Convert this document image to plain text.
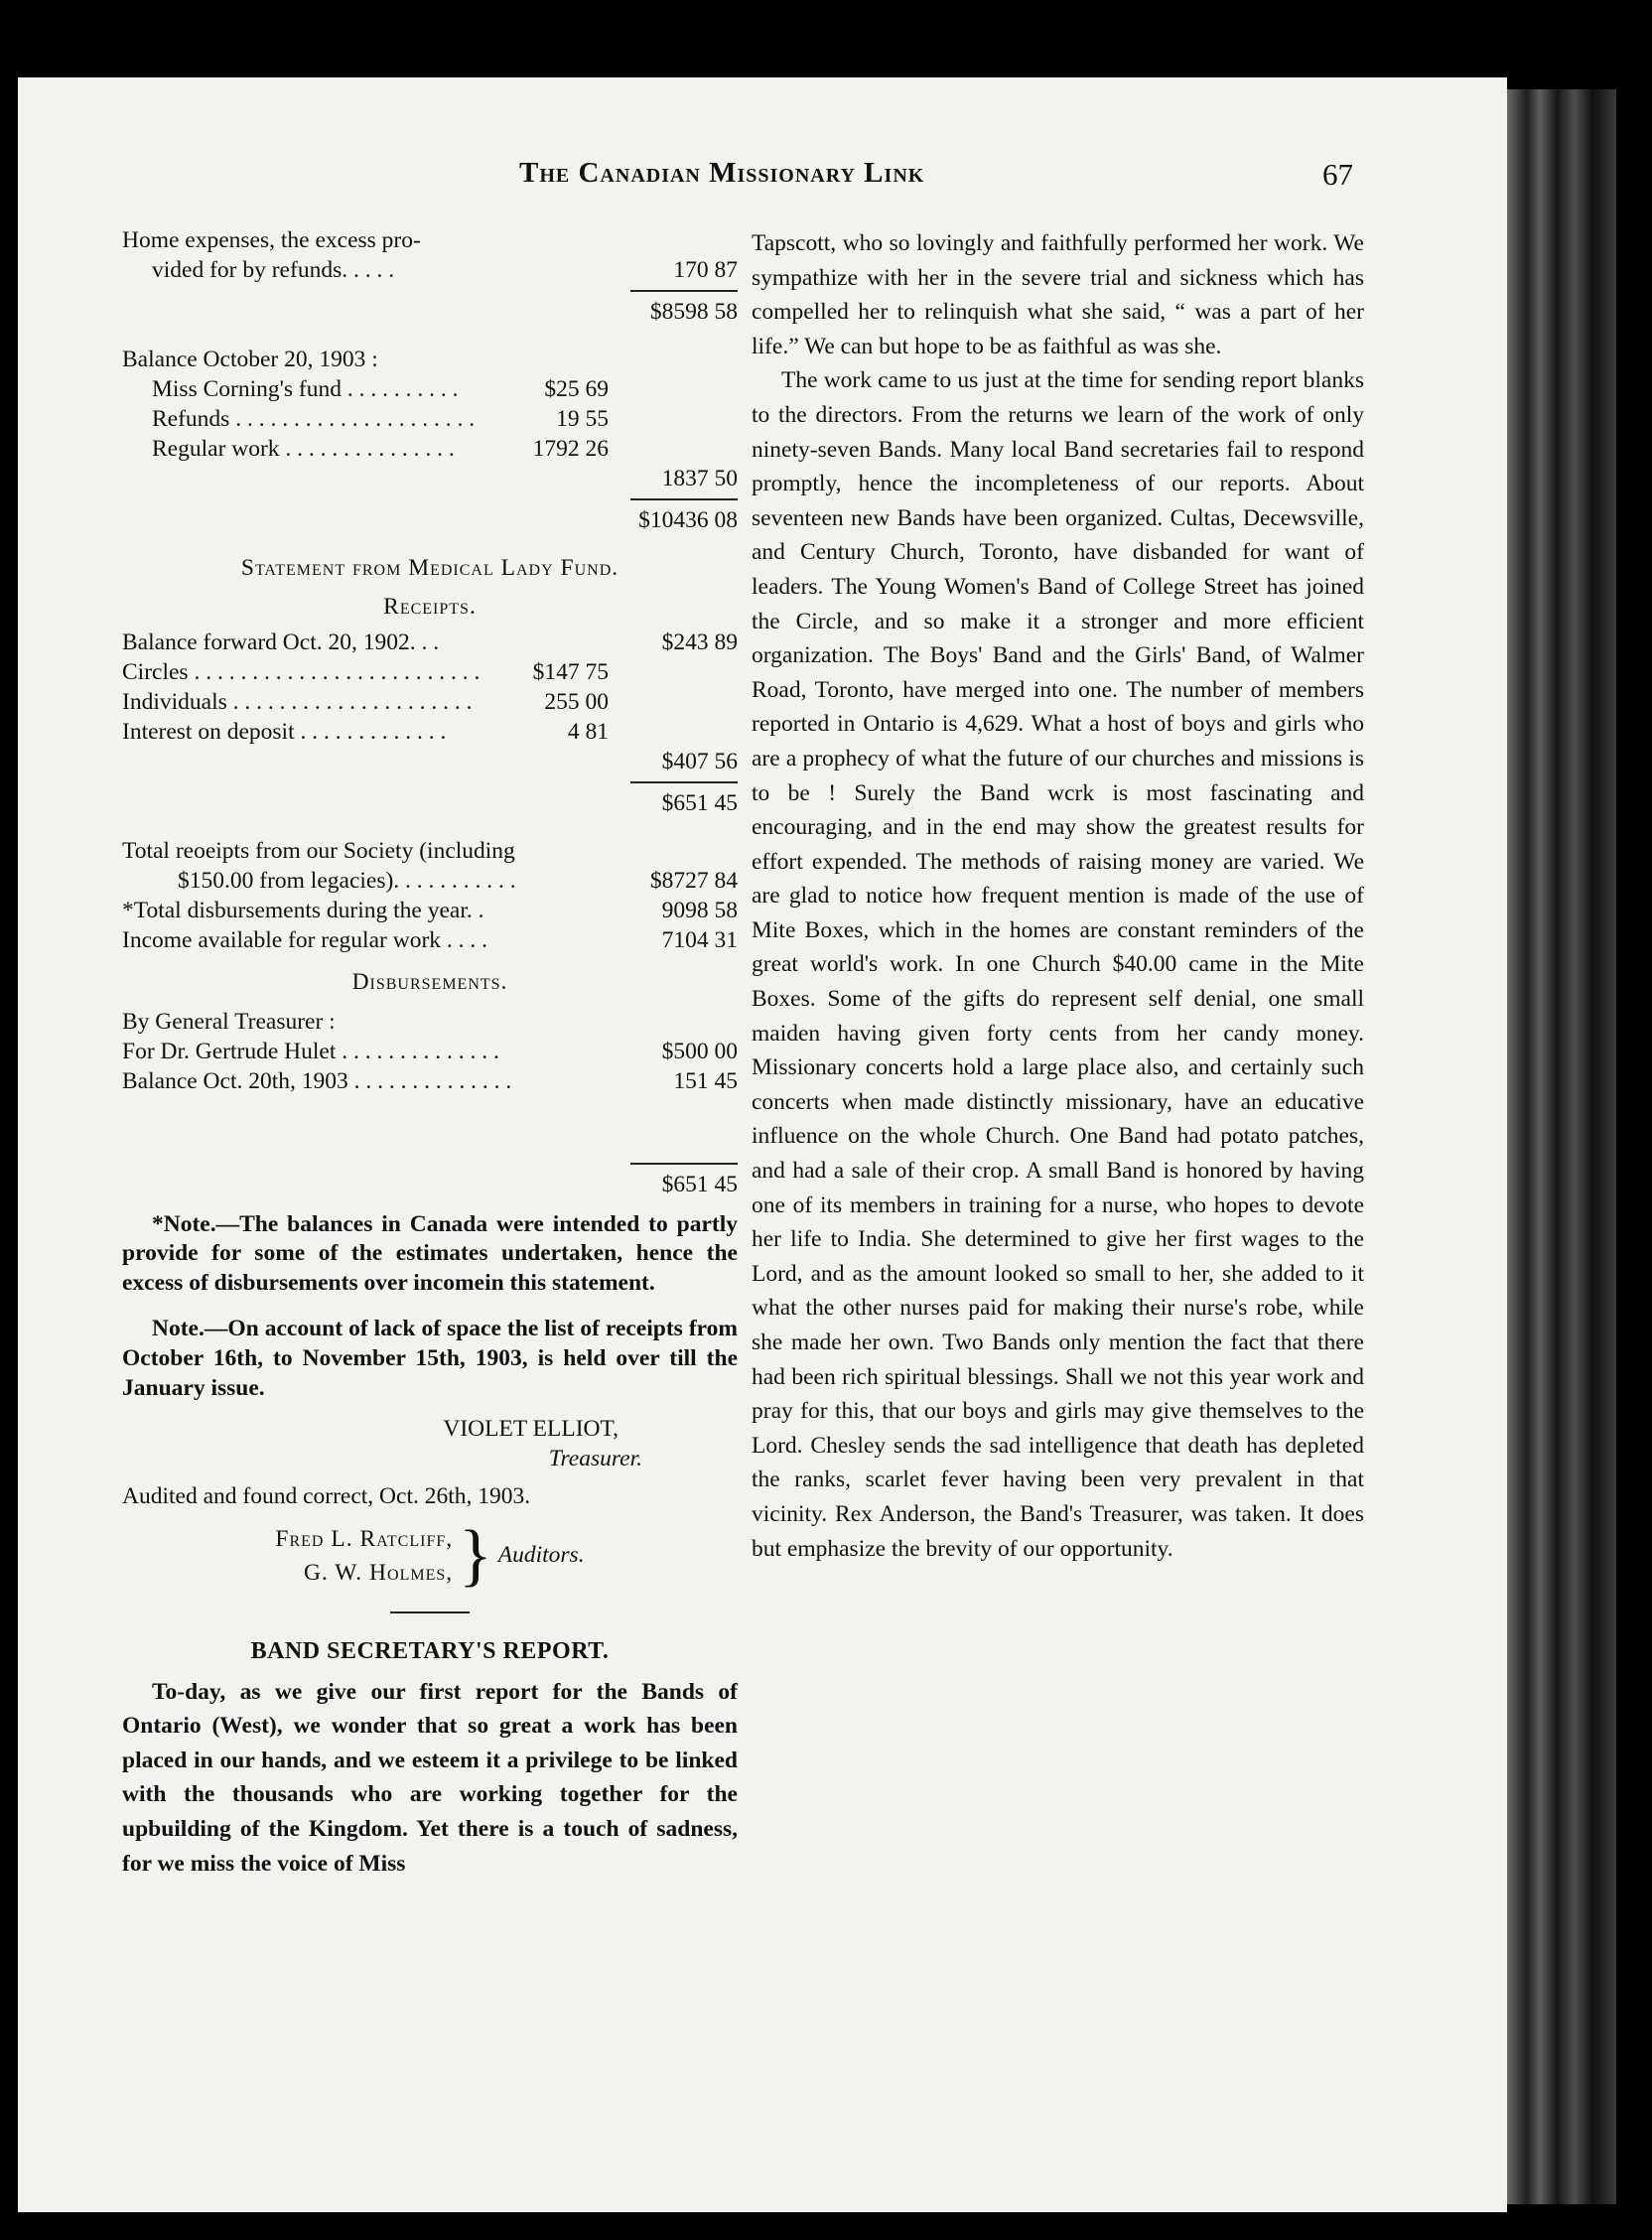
The Canadian Missionary Link	67
Home expenses, the excess pro-
vided for by refunds. . . . .	170 87
$8598 58
Balance October 20, 1903 :
Miss Corning's fund . . . . . . . . . .	$25 69
Refunds . . . . . . . . . . . . . . . . . . . . .	19 55
Regular work . . . . . . . . . . . . . . .	1792 26
1837 50
$10436 08
Statement from Medical Lady Fund.
Receipts.
Balance forward Oct. 20, 1902. . .	$243 89
Circles . . . . . . . . . . . . . . . . . . . . . . . . .	$147 75
Individuals . . . . . . . . . . . . . . . . . . . . .	255 00
Interest on deposit . . . . . . . . . . . . .	4 81
$407 56
$651 45
Total reoeipts from our Society (including
$150.00 from legacies). . . . . . . . . . .	$8727 84
*Total disbursements during the year. .	9098 58
Income available for regular work . . . .	7104 31
Disbursements.
By General Treasurer :
For Dr. Gertrude Hulet . . . . . . . . . . . . . .	$500 00
Balance Oct. 20th, 1903 . . . . . . . . . . . . . .	151 45
$651 45

*Note.—The balances in Canada were intended to partly provide for some of the estimates undertaken, hence the excess of disbursements over incomein this statement.

Note.—On account of lack of space the list of receipts from October 16th, to November 15th, 1903, is held over till the January issue.

VIOLET ELLIOT,
Treasurer.
Audited and found correct, Oct. 26th, 1903.
Fred L. Ratcliff,
G. W. Holmes, } Auditors.
BAND SECRETARY'S REPORT.

To-day, as we give our first report for the Bands of Ontario (West), we wonder that so great a work has been placed in our hands, and we esteem it a privilege to be linked with the thousands who are working together for the upbuilding of the Kingdom. Yet there is a touch of sadness, for we miss the voice of Miss

Tapscott, who so lovingly and faithfully performed her work. We sympathize with her in the severe trial and sickness which has compelled her to relinquish what she said, “ was a part of her life.” We can but hope to be as faithful as was she.

The work came to us just at the time for sending report blanks to the directors. From the returns we learn of the work of only ninety-seven Bands. Many local Band secretaries fail to respond promptly, hence the incompleteness of our reports. About seventeen new Bands have been organized. Cultas, Decewsville, and Century Church, Toronto, have disbanded for want of leaders. The Young Women's Band of College Street has joined the Circle, and so make it a stronger and more efficient organization. The Boys' Band and the Girls' Band, of Walmer Road, Toronto, have merged into one. The number of members reported in Ontario is 4,629. What a host of boys and girls who are a prophecy of what the future of our churches and missions is to be ! Surely the Band wcrk is most fascinating and encouraging, and in the end may show the greatest results for effort expended. The methods of raising money are varied. We are glad to notice how frequent mention is made of the use of Mite Boxes, which in the homes are constant reminders of the great world's work. In one Church $40.00 came in the Mite Boxes. Some of the gifts do represent self denial, one small maiden having given forty cents from her candy money. Missionary concerts hold a large place also, and certainly such concerts when made distinctly missionary, have an educative influence on the whole Church. One Band had potato patches, and had a sale of their crop. A small Band is honored by having one of its members in training for a nurse, who hopes to devote her life to India. She determined to give her first wages to the Lord, and as the amount looked so small to her, she added to it what the other nurses paid for making their nurse's robe, while she made her own. Two Bands only mention the fact that there had been rich spiritual blessings. Shall we not this year work and pray for this, that our boys and girls may give themselves to the Lord. Chesley sends the sad intelligence that death has depleted the ranks, scarlet fever having been very prevalent in that vicinity. Rex Anderson, the Band's Treasurer, was taken. It does but emphasize the brevity of our opportunity.
